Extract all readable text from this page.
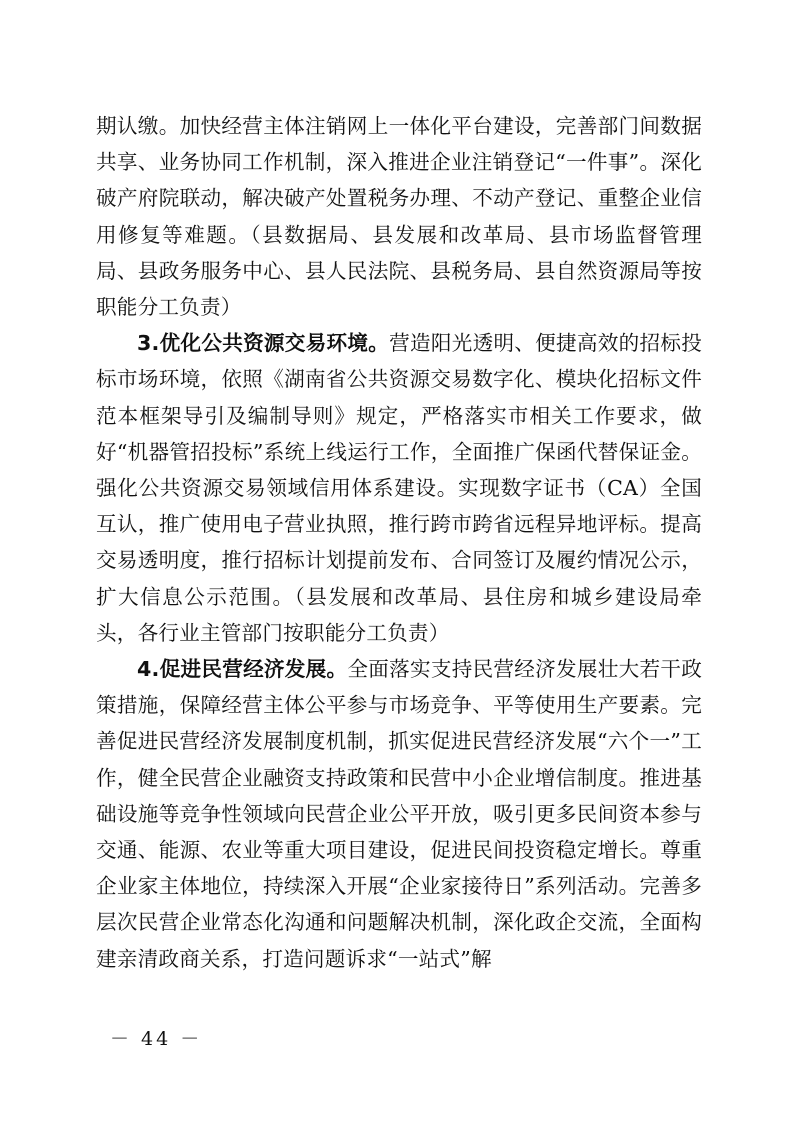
期认缴。加快经营主体注销网上一体化平台建设，完善部门间数据共享、业务协同工作机制，深入推进企业注销登记“一件事”。深化破产府院联动，解决破产处置税务办理、不动产登记、重整企业信用修复等难题。（县数据局、县发展和改革局、县市场监督管理局、县政务服务中心、县人民法院、县税务局、县自然资源局等按职能分工负责）

3.优化公共资源交易环境。营造阳光透明、便捷高效的招标投标市场环境，依照《湖南省公共资源交易数字化、模块化招标文件范本框架导引及编制导则》规定，严格落实市相关工作要求，做好“机器管招投标”系统上线运行工作，全面推广保函代替保证金。强化公共资源交易领域信用体系建设。实现数字证书（CA）全国互认，推广使用电子营业执照，推行跨市跨省远程异地评标。提高交易透明度，推行招标计划提前发布、合同签订及履约情况公示，扩大信息公示范围。（县发展和改革局、县住房和城乡建设局牵头，各行业主管部门按职能分工负责）

4.促进民营经济发展。全面落实支持民营经济发展壮大若干政策措施，保障经营主体公平参与市场竞争、平等使用生产要素。完善促进民营经济发展制度机制，抓实促进民营经济发展“六个一”工作，健全民营企业融资支持政策和民营中小企业增信制度。推进基础设施等竞争性领域向民营企业公平开放，吸引更多民间资本参与交通、能源、农业等重大项目建设，促进民间投资稳定增长。尊重企业家主体地位，持续深入开展“企业家接待日”系列活动。完善多层次民营企业常态化沟通和问题解决机制，深化政企交流，全面构建亲清政商关系，打造问题诉求“一站式”解

－ 44 －
